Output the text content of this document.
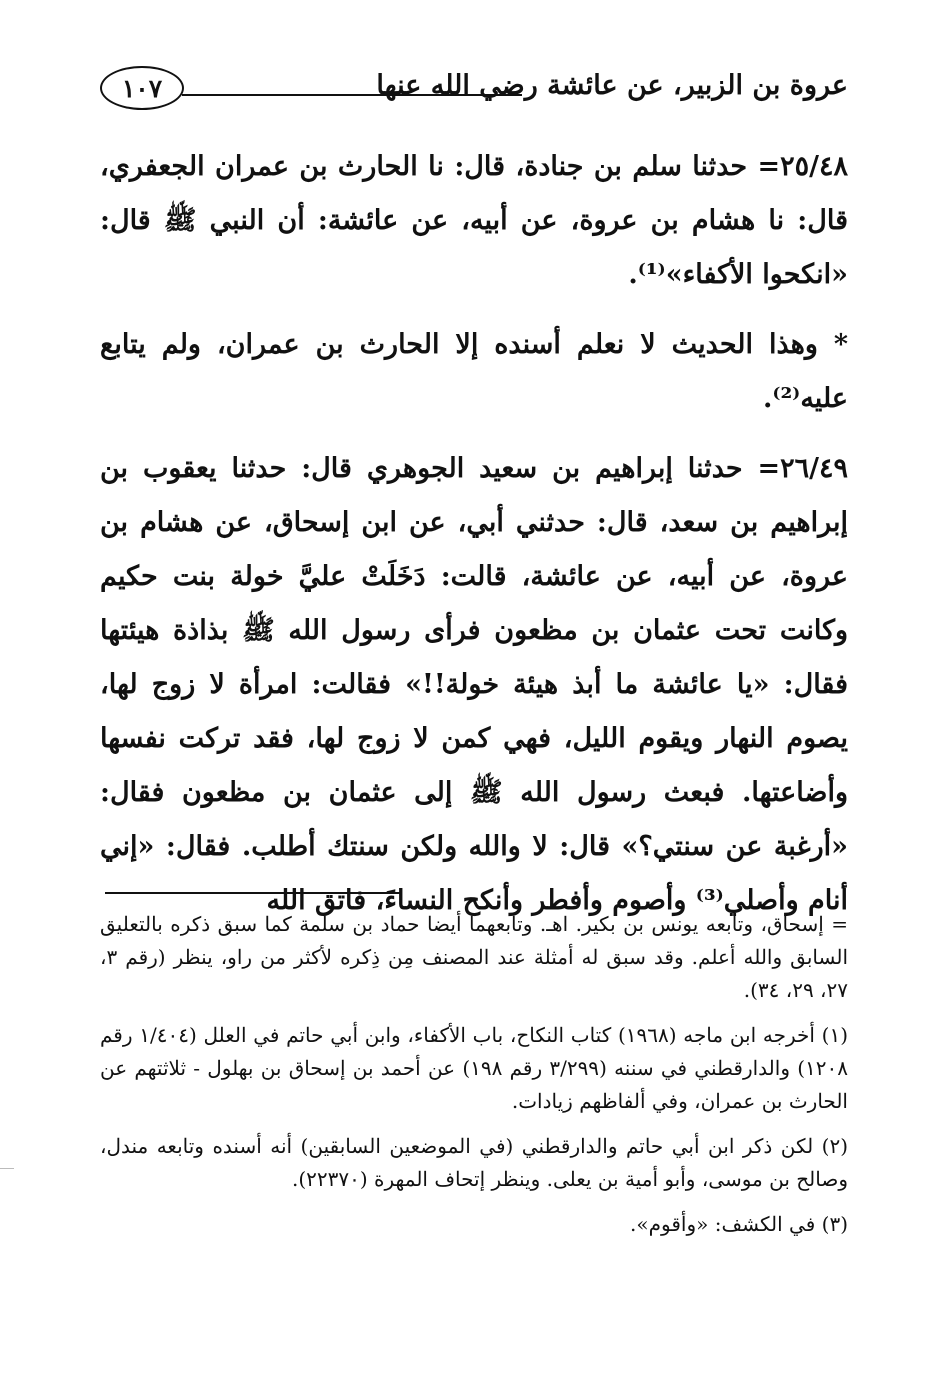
عروة بن الزبير، عن عائشة رضي الله عنها
١٠٧

٢٥/٤٨= حدثنا سلم بن جنادة، قال: نا الحارث بن عمران الجعفري، قال: نا هشام بن عروة، عن أبيه، عن عائشة: أن النبي ﷺ قال: «انكحوا الأكفاء»⁽¹⁾.

* وهذا الحديث لا نعلم أسنده إلا الحارث بن عمران، ولم يتابع عليه⁽²⁾.

٢٦/٤٩= حدثنا إبراهيم بن سعيد الجوهري قال: حدثنا يعقوب بن إبراهيم بن سعد، قال: حدثني أبي، عن ابن إسحاق، عن هشام بن عروة، عن أبيه، عن عائشة، قالت: دَخَلَتْ عليَّ خولة بنت حكيم وكانت تحت عثمان بن مظعون فرأى رسول الله ﷺ بذاذة هيئتها فقال: «يا عائشة ما أبذ هيئة خولة!!» فقالت: امرأة لا زوج لها، يصوم النهار ويقوم الليل، فهي كمن لا زوج لها، فقد تركت نفسها وأضاعتها. فبعث رسول الله ﷺ إلى عثمان بن مظعون فقال: «أرغبة عن سنتي؟» قال: لا والله ولكن سنتك أطلب. فقال: «إني أنام وأصلي⁽³⁾ وأصوم وأفطر وأنكح النساءَ، فاتق الله

= إسحاق، وتابعه يونس بن بكير. اهـ. وتابعهما أيضا حماد بن سلمة كما سبق ذكره بالتعليق السابق والله أعلم. وقد سبق له أمثلة عند المصنف مِن ذِكره لأكثر من راو، ينظر (رقم ٣، ٢٧، ٢٩، ٣٤).

(١) أخرجه ابن ماجه (١٩٦٨) كتاب النكاح، باب الأكفاء، وابن أبي حاتم في العلل (١/٤٠٤ رقم ١٢٠٨) والدارقطني في سننه (٣/٢٩٩ رقم ١٩٨) عن أحمد بن إسحاق بن بهلول - ثلاثتهم عن الحارث بن عمران، وفي ألفاظهم زيادات.

(٢) لكن ذكر ابن أبي حاتم والدارقطني (في الموضعين السابقين) أنه أسنده وتابعه مندل، وصالح بن موسى، وأبو أمية بن يعلى. وينظر إتحاف المهرة (٢٢٣٧٠).

(٣) في الكشف: «وأقوم».
